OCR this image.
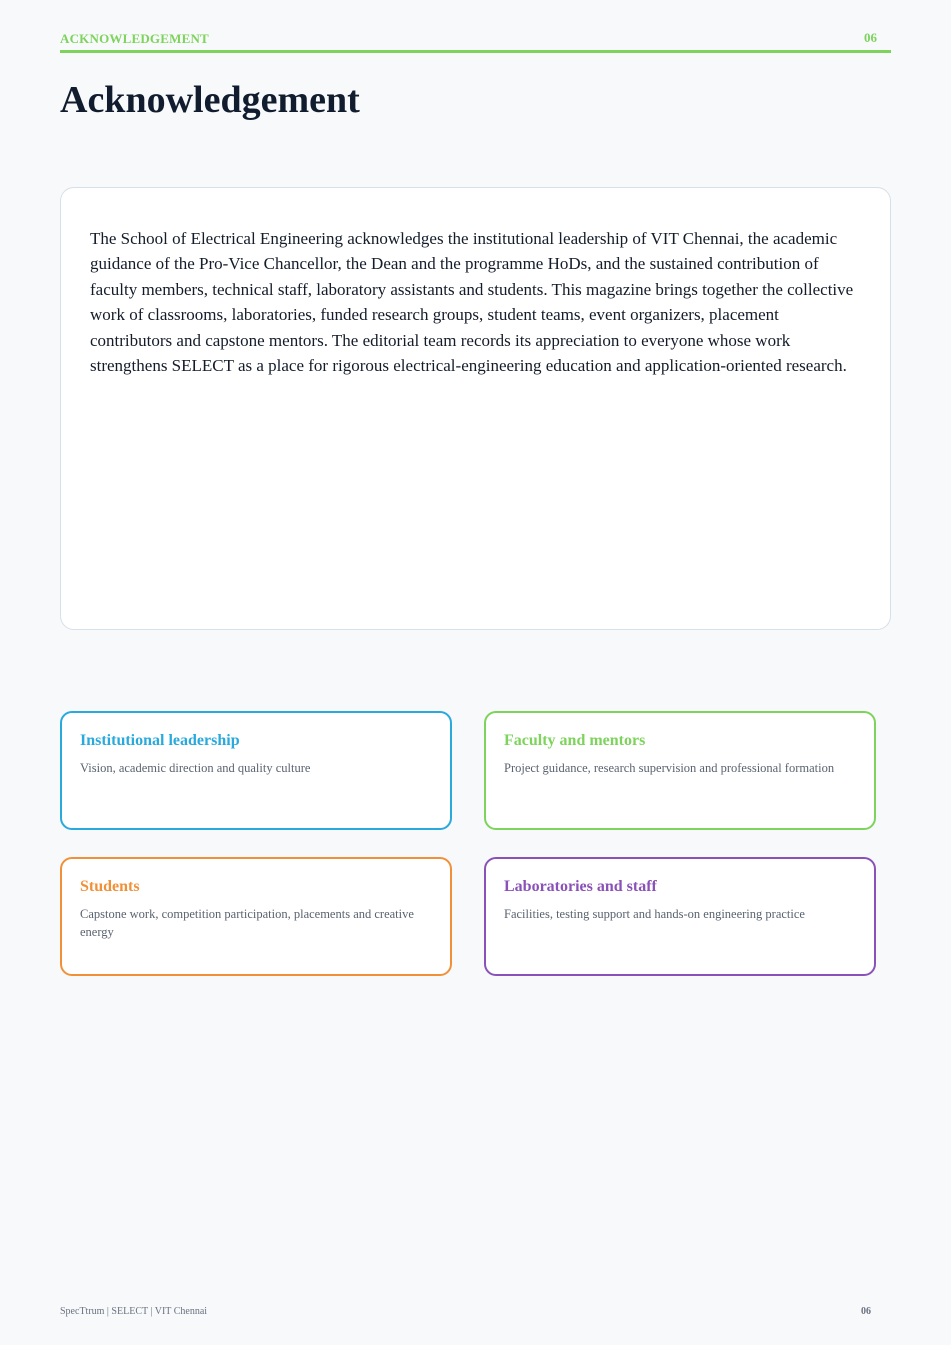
ACKNOWLEDGEMENT	06
Acknowledgement

The School of Electrical Engineering acknowledges the institutional leadership of VIT Chennai, the academic guidance of the Pro-Vice Chancellor, the Dean and the programme HoDs, and the sustained contribution of faculty members, technical staff, laboratory assistants and students. This magazine brings together the collective work of classrooms, laboratories, funded research groups, student teams, event organizers, placement contributors and capstone mentors. The editorial team records its appreciation to everyone whose work strengthens SELECT as a place for rigorous electrical-engineering education and application-oriented research.

Institutional leadership
Vision, academic direction and quality culture
Faculty and mentors
Project guidance, research supervision and professional formation
Students
Capstone work, competition participation, placements and creative energy
Laboratories and staff
Facilities, testing support and hands-on engineering practice
SpecTtrum | SELECT | VIT Chennai	06
